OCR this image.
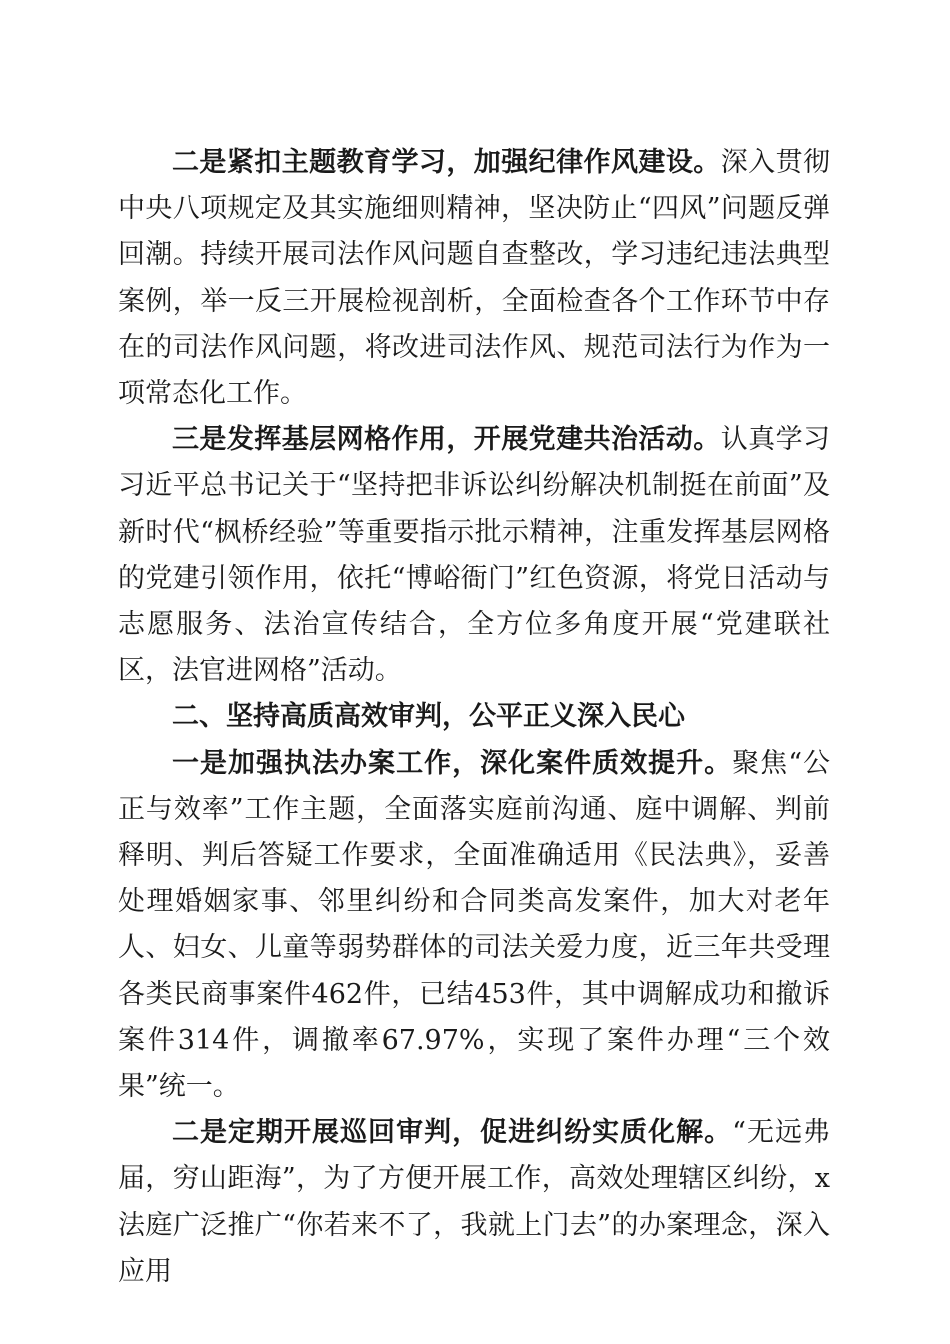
二是紧扣主题教育学习，加强纪律作风建设。深入贯彻中央八项规定及其实施细则精神，坚决防止“四风”问题反弹回潮。持续开展司法作风问题自查整改，学习违纪违法典型案例，举一反三开展检视剖析，全面检查各个工作环节中存在的司法作风问题，将改进司法作风、规范司法行为作为一项常态化工作。

三是发挥基层网格作用，开展党建共治活动。认真学习习近平总书记关于“坚持把非诉讼纠纷解决机制挺在前面”及新时代“枫桥经验”等重要指示批示精神，注重发挥基层网格的党建引领作用，依托“博峪衙门”红色资源，将党日活动与志愿服务、法治宣传结合，全方位多角度开展“党建联社区，法官进网格”活动。

二、坚持高质高效审判，公平正义深入民心

一是加强执法办案工作，深化案件质效提升。聚焦“公正与效率”工作主题，全面落实庭前沟通、庭中调解、判前释明、判后答疑工作要求，全面准确适用《民法典》，妥善处理婚姻家事、邻里纠纷和合同类高发案件，加大对老年人、妇女、儿童等弱势群体的司法关爱力度，近三年共受理各类民商事案件462件，已结453件，其中调解成功和撤诉案件314件，调撤率67.97%，实现了案件办理“三个效果”统一。

二是定期开展巡回审判，促进纠纷实质化解。“无远弗届，穷山距海”，为了方便开展工作，高效处理辖区纠纷，x法庭广泛推广“你若来不了，我就上门去”的办案理念，深入应用
